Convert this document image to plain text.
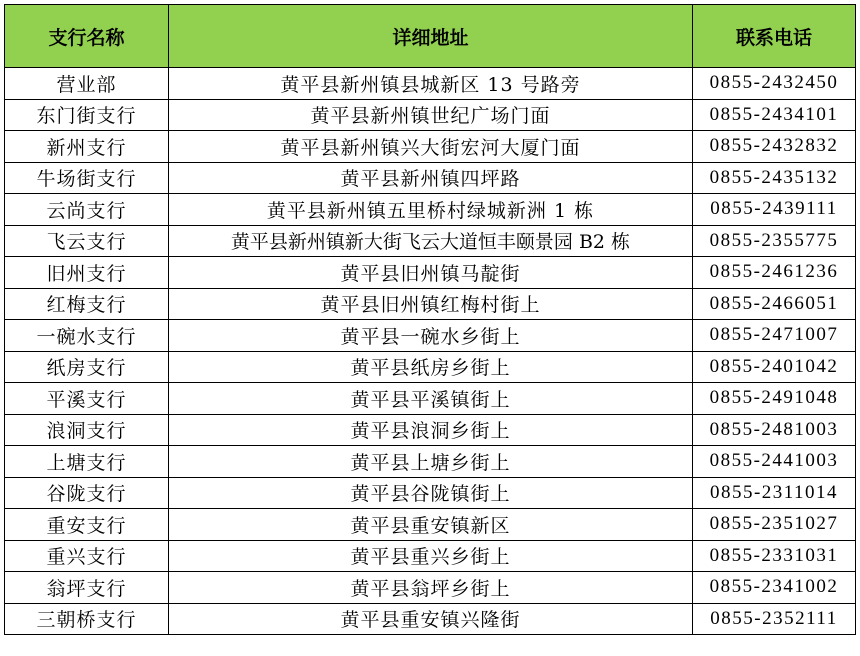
支行名称	详细地址	联系电话
营业部	黄平县新州镇县城新区 13 号路旁	0855-2432450
东门街支行	黄平县新州镇世纪广场门面	0855-2434101
新州支行	黄平县新州镇兴大街宏河大厦门面	0855-2432832
牛场街支行	黄平县新州镇四坪路	0855-2435132
云尚支行	黄平县新州镇五里桥村绿城新洲 1 栋	0855-2439111
飞云支行	黄平县新州镇新大街飞云大道恒丰颐景园 B2 栋	0855-2355775
旧州支行	黄平县旧州镇马靛街	0855-2461236
红梅支行	黄平县旧州镇红梅村街上	0855-2466051
一碗水支行	黄平县一碗水乡街上	0855-2471007
纸房支行	黄平县纸房乡街上	0855-2401042
平溪支行	黄平县平溪镇街上	0855-2491048
浪洞支行	黄平县浪洞乡街上	0855-2481003
上塘支行	黄平县上塘乡街上	0855-2441003
谷陇支行	黄平县谷陇镇街上	0855-2311014
重安支行	黄平县重安镇新区	0855-2351027
重兴支行	黄平县重兴乡街上	0855-2331031
翁坪支行	黄平县翁坪乡街上	0855-2341002
三朝桥支行	黄平县重安镇兴隆街	0855-2352111
